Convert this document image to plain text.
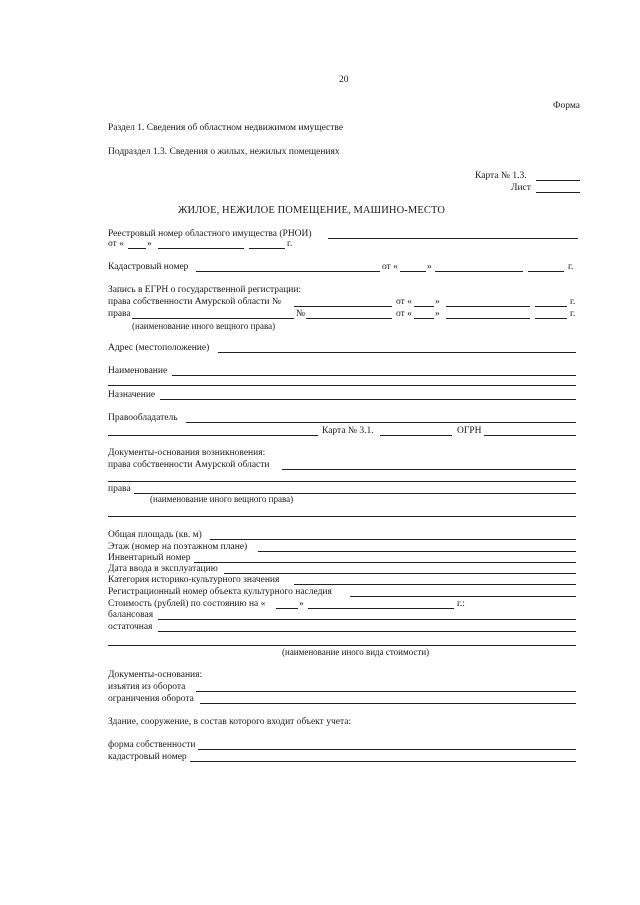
20
Форма
Раздел 1. Сведения об областном недвижимом имуществе
Подраздел 1.3. Сведения о жилых, нежилых помещениях
Карта № 1.3.
Лист
ЖИЛОЕ, НЕЖИЛОЕ ПОМЕЩЕНИЕ, МАШИНО-МЕСТО
Реестровый номер областного имущества (РНОИ)
от « »	г.
Кадастровый номер	от «	»	г.
Запись в ЕГРН о государственной регистрации:
права собственности Амурской области №	от « »	г.
права	№	от « »	г.
(наименование иного вещного права)
Адрес (местоположение)
Наименование
Назначение
Правообладатель
Карта № 3.1.	ОГРН
Документы-основания возникновения:
права собственности Амурской области
права
(наименование иного вещного права)
Общая площадь (кв. м)
Этаж (номер на поэтажном плане)
Инвентарный номер
Дата ввода в эксплуатацию
Категория историко-культурного значения
Регистрационный номер объекта культурного наследия
Стоимость (рублей) по состоянию на «	»	г.:
балансовая
остаточная
(наименование иного вида стоимости)
Документы-основания:
изъятия из оборота
ограничения оборота
Здание, сооружение, в состав которого входит объект учета:
форма собственности
кадастровый номер
